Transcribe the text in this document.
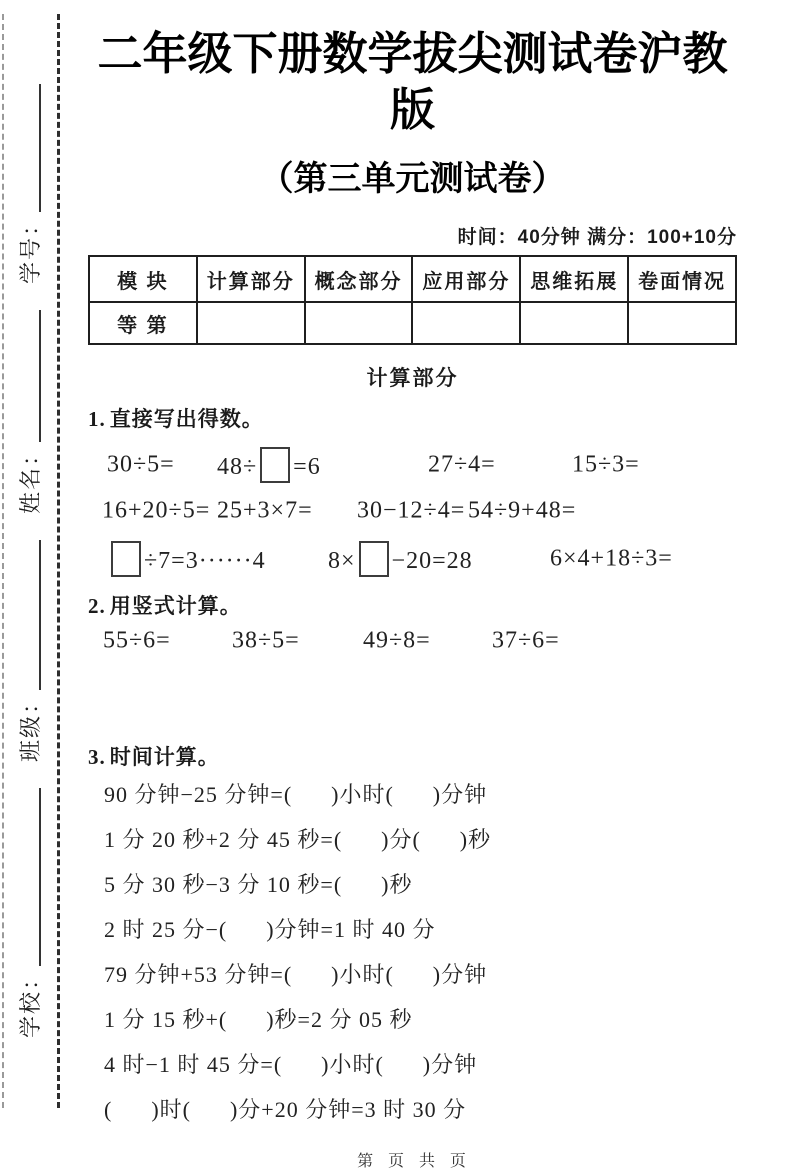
学校：
班级：
姓名：
学号：
二年级下册数学拔尖测试卷沪教版
（第三单元测试卷）
时间：40分钟 满分：100+10分
模 块	计算部分	概念部分	应用部分	思维拓展	卷面情况
等 第					
计算部分
1. 直接写出得数。
30÷5= 48÷ =6	27÷4=	15÷3=
16+20÷5= 25+3×7= 30−12÷4= 54÷9+48=
÷7=3······4	8× −20=28	6×4+18÷3=
2. 用竖式计算。
55÷6=	38÷5=	49÷8=	37÷6=
3. 时间计算。
90 分钟−25 分钟=(      )小时(      )分钟
1 分 20 秒+2 分 45 秒=(      )分(      )秒
5 分 30 秒−3 分 10 秒=(      )秒
2 时 25 分−(      )分钟=1 时 40 分
79 分钟+53 分钟=(      )小时(      )分钟
1 分 15 秒+(      )秒=2 分 05 秒
4 时−1 时 45 分=(      )小时(      )分钟
(      )时(      )分+20 分钟=3 时 30 分
第  页  共  页
